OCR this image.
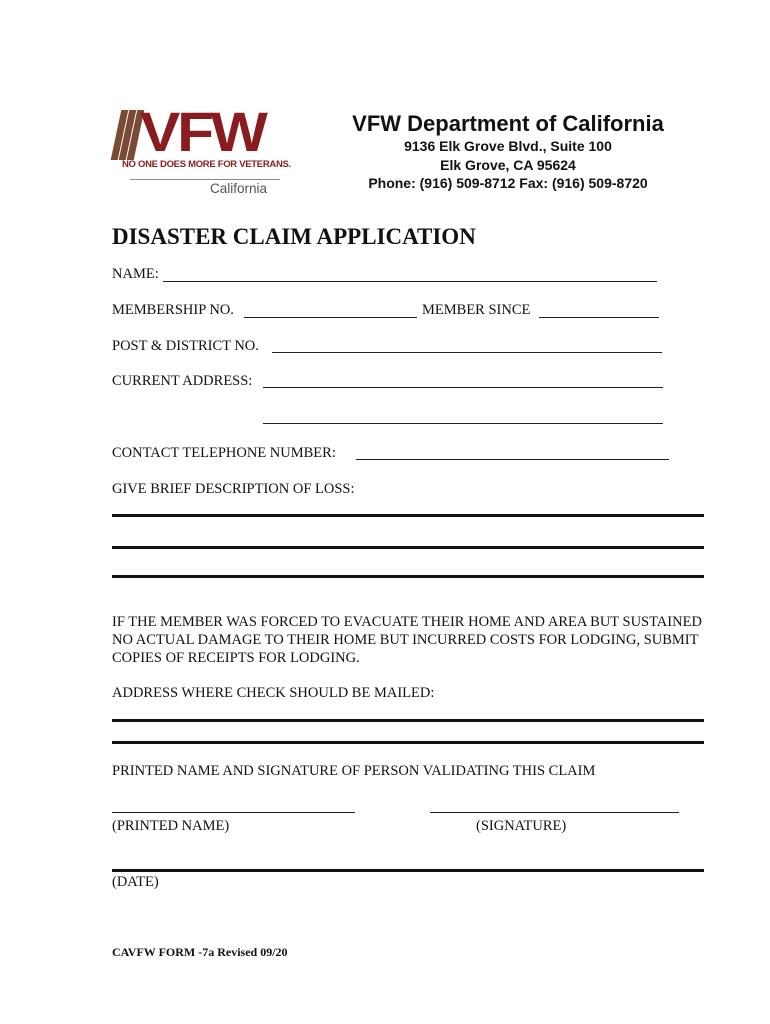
VFW
NO ONE DOES MORE FOR VETERANS.
California
VFW Department of California
9136 Elk Grove Blvd., Suite 100
Elk Grove, CA 95624
Phone: (916) 509-8712 Fax: (916) 509-8720
DISASTER CLAIM APPLICATION
NAME:
MEMBERSHIP NO.	MEMBER SINCE
POST & DISTRICT NO.
CURRENT ADDRESS:
CONTACT TELEPHONE NUMBER:
GIVE BRIEF DESCRIPTION OF LOSS:
IF THE MEMBER WAS FORCED TO EVACUATE THEIR HOME AND AREA BUT SUSTAINED NO ACTUAL DAMAGE TO THEIR HOME BUT INCURRED COSTS FOR LODGING, SUBMIT COPIES OF RECEIPTS FOR LODGING.
ADDRESS WHERE CHECK SHOULD BE MAILED:
PRINTED NAME AND SIGNATURE OF PERSON VALIDATING THIS CLAIM
(PRINTED NAME)	(SIGNATURE)
(DATE)
CAVFW FORM -7a Revised 09/20
